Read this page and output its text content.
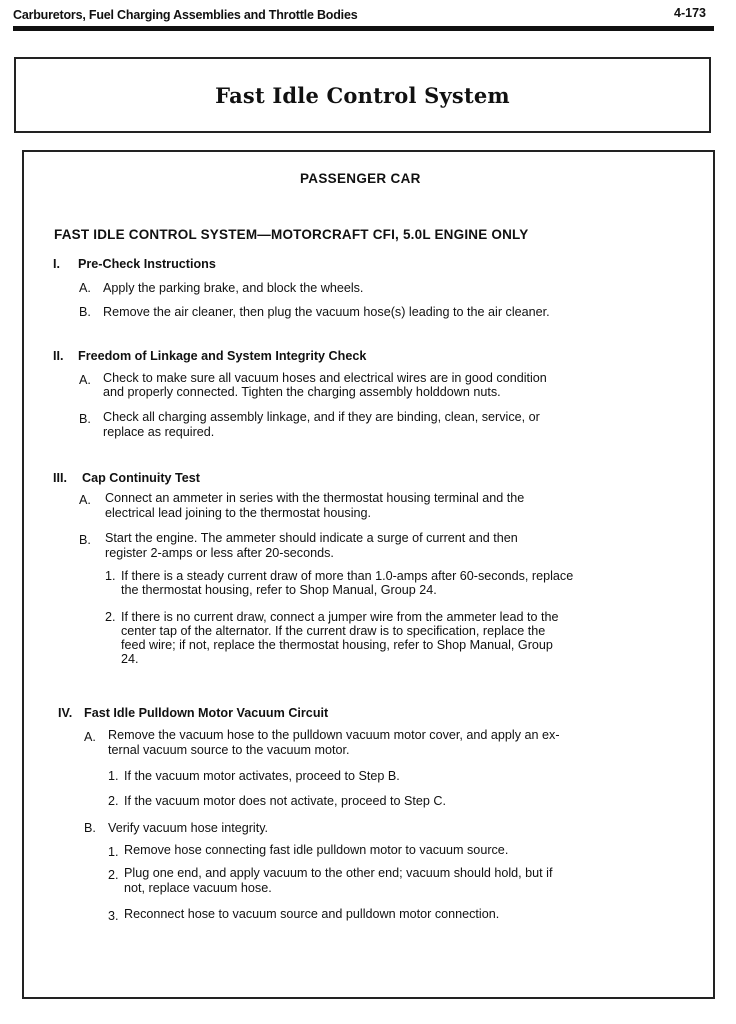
Carburetors, Fuel Charging Assemblies and Throttle Bodies	4-173
Fast Idle Control System
PASSENGER CAR
FAST IDLE CONTROL SYSTEM—MOTORCRAFT CFI, 5.0L ENGINE ONLY
I. Pre-Check Instructions
A. Apply the parking brake, and block the wheels.
B. Remove the air cleaner, then plug the vacuum hose(s) leading to the air cleaner.
II. Freedom of Linkage and System Integrity Check
A. Check to make sure all vacuum hoses and electrical wires are in good condition
and properly connected. Tighten the charging assembly holddown nuts.
B. Check all charging assembly linkage, and if they are binding, clean, service, or
replace as required.
III. Cap Continuity Test
A. Connect an ammeter in series with the thermostat housing terminal and the
electrical lead joining to the thermostat housing.
B. Start the engine. The ammeter should indicate a surge of current and then
register 2-amps or less after 20-seconds.
1. If there is a steady current draw of more than 1.0-amps after 60-seconds, replace
the thermostat housing, refer to Shop Manual, Group 24.
2. If there is no current draw, connect a jumper wire from the ammeter lead to the
center tap of the alternator. If the current draw is to specification, replace the
feed wire; if not, replace the thermostat housing, refer to Shop Manual, Group
24.
IV. Fast Idle Pulldown Motor Vacuum Circuit
A. Remove the vacuum hose to the pulldown vacuum motor cover, and apply an ex-
ternal vacuum source to the vacuum motor.
1. If the vacuum motor activates, proceed to Step B.
2. If the vacuum motor does not activate, proceed to Step C.
B. Verify vacuum hose integrity.
1. Remove hose connecting fast idle pulldown motor to vacuum source.
2. Plug one end, and apply vacuum to the other end; vacuum should hold, but if
not, replace vacuum hose.
3. Reconnect hose to vacuum source and pulldown motor connection.
